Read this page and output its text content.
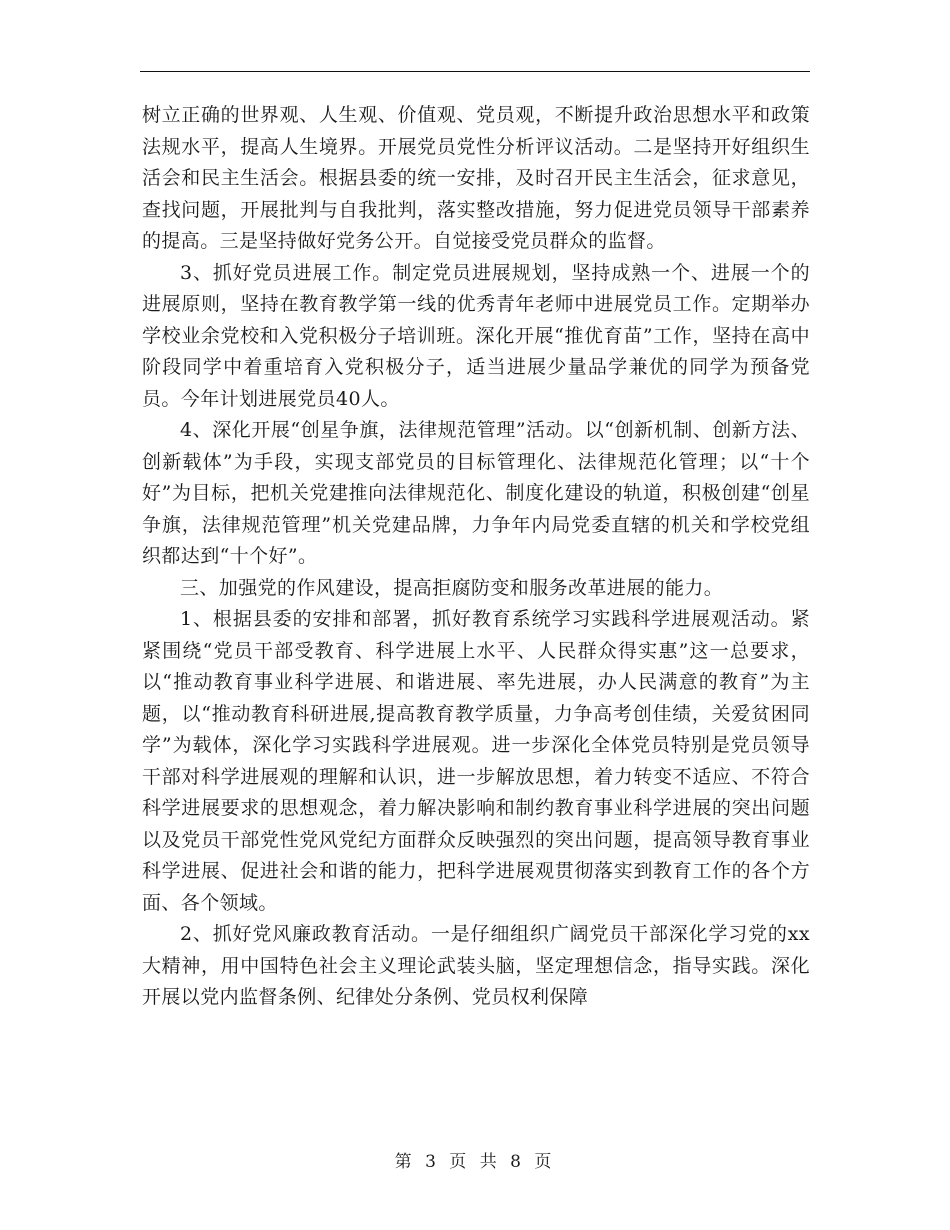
树立正确的世界观、人生观、价值观、党员观，不断提升政治思想水平和政策法规水平，提高人生境界。开展党员党性分析评议活动。二是坚持开好组织生活会和民主生活会。根据县委的统一安排，及时召开民主生活会，征求意见，查找问题，开展批判与自我批判，落实整改措施，努力促进党员领导干部素养的提高。三是坚持做好党务公开。自觉接受党员群众的监督。

3、抓好党员进展工作。制定党员进展规划，坚持成熟一个、进展一个的进展原则，坚持在教育教学第一线的优秀青年老师中进展党员工作。定期举办学校业余党校和入党积极分子培训班。深化开展“推优育苗”工作，坚持在高中阶段同学中着重培育入党积极分子，适当进展少量品学兼优的同学为预备党员。今年计划进展党员40人。

4、深化开展“创星争旗，法律规范管理”活动。以“创新机制、创新方法、创新载体”为手段，实现支部党员的目标管理化、法律规范化管理；以“十个好”为目标，把机关党建推向法律规范化、制度化建设的轨道，积极创建“创星争旗，法律规范管理”机关党建品牌，力争年内局党委直辖的机关和学校党组织都达到“十个好”。

三、加强党的作风建设，提高拒腐防变和服务改革进展的能力。

1、根据县委的安排和部署，抓好教育系统学习实践科学进展观活动。紧紧围绕“党员干部受教育、科学进展上水平、人民群众得实惠”这一总要求，以“推动教育事业科学进展、和谐进展、率先进展，办人民满意的教育”为主题，以“推动教育科研进展,提高教育教学质量，力争高考创佳绩，关爱贫困同学”为载体，深化学习实践科学进展观。进一步深化全体党员特别是党员领导干部对科学进展观的理解和认识，进一步解放思想，着力转变不适应、不符合科学进展要求的思想观念，着力解决影响和制约教育事业科学进展的突出问题以及党员干部党性党风党纪方面群众反映强烈的突出问题，提高领导教育事业科学进展、促进社会和谐的能力，把科学进展观贯彻落实到教育工作的各个方面、各个领域。

2、抓好党风廉政教育活动。一是仔细组织广阔党员干部深化学习党的xx大精神，用中国特色社会主义理论武装头脑，坚定理想信念，指导实践。深化开展以党内监督条例、纪律处分条例、党员权利保障

第 3 页 共 8 页
